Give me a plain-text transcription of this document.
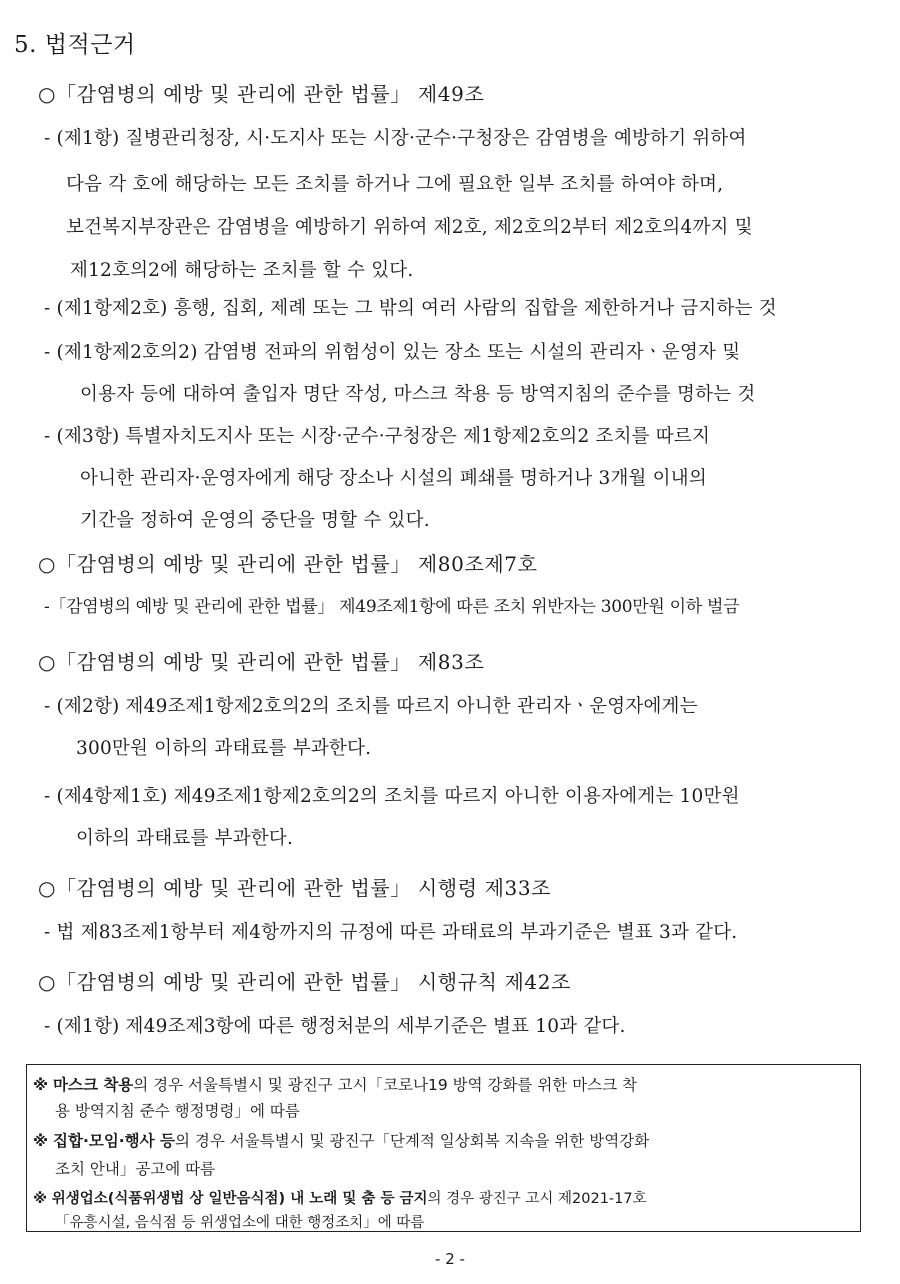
5. 법적근거
○「감염병의 예방 및 관리에 관한 법률」 제49조
- (제1항) 질병관리청장, 시·도지사 또는 시장·군수·구청장은 감염병을 예방하기 위하여
다음 각 호에 해당하는 모든 조치를 하거나 그에 필요한 일부 조치를 하여야 하며,
보건복지부장관은 감염병을 예방하기 위하여 제2호, 제2호의2부터 제2호의4까지 및
제12호의2에 해당하는 조치를 할 수 있다.
- (제1항제2호) 흥행, 집회, 제례 또는 그 밖의 여러 사람의 집합을 제한하거나 금지하는 것
- (제1항제2호의2) 감염병 전파의 위험성이 있는 장소 또는 시설의 관리자ㆍ운영자 및
이용자 등에 대하여 출입자 명단 작성, 마스크 착용 등 방역지침의 준수를 명하는 것
- (제3항) 특별자치도지사 또는 시장·군수·구청장은 제1항제2호의2 조치를 따르지
아니한 관리자·운영자에게 해당 장소나 시설의 폐쇄를 명하거나 3개월 이내의
기간을 정하여 운영의 중단을 명할 수 있다.
○「감염병의 예방 및 관리에 관한 법률」 제80조제7호
-「감염병의 예방 및 관리에 관한 법률」 제49조제1항에 따른 조치 위반자는 300만원 이하 벌금
○「감염병의 예방 및 관리에 관한 법률」 제83조
- (제2항) 제49조제1항제2호의2의 조치를 따르지 아니한 관리자ㆍ운영자에게는
300만원 이하의 과태료를 부과한다.
- (제4항제1호) 제49조제1항제2호의2의 조치를 따르지 아니한 이용자에게는 10만원
이하의 과태료를 부과한다.
○「감염병의 예방 및 관리에 관한 법률」 시행령 제33조
- 법 제83조제1항부터 제4항까지의 규정에 따른 과태료의 부과기준은 별표 3과 같다.
○「감염병의 예방 및 관리에 관한 법률」 시행규칙 제42조
- (제1항) 제49조제3항에 따른 행정처분의 세부기준은 별표 10과 같다.
※ 마스크 착용의 경우 서울특별시 및 광진구 고시「코로나19 방역 강화를 위한 마스크 착
용 방역지침 준수 행정명령」에 따름
※ 집합·모임·행사 등의 경우 서울특별시 및 광진구「단계적 일상회복 지속을 위한 방역강화
조치 안내」공고에 따름
※ 위생업소(식품위생법 상 일반음식점) 내 노래 및 춤 등 금지의 경우 광진구 고시 제2021-17호
「유흥시설, 음식점 등 위생업소에 대한 행정조치」에 따름
- 2 -
